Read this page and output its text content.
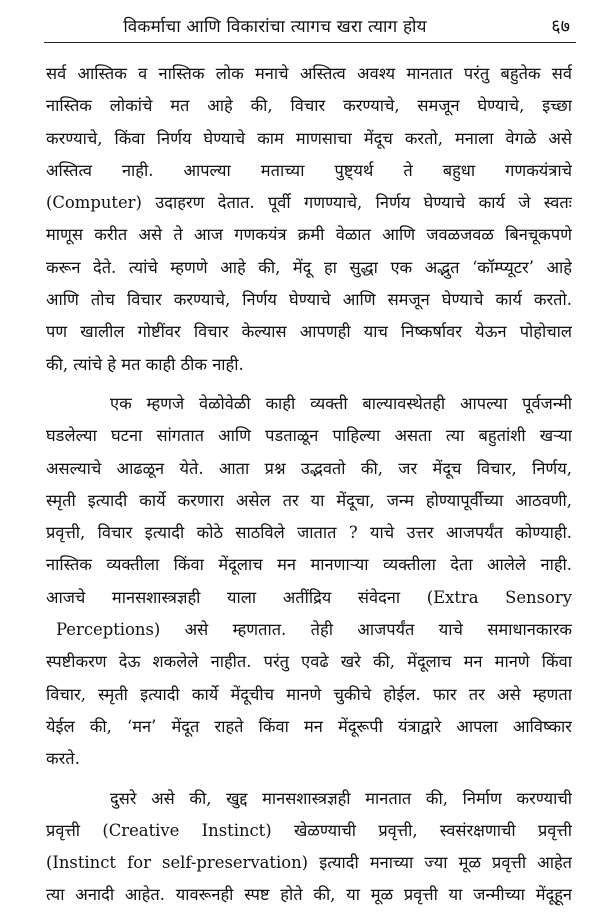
विकर्माचा आणि विकारांचा त्यागच खरा त्याग होय	६७
सर्व आस्तिक व नास्तिक लोक मनाचे अस्तित्व अवश्य मानतात परंतु बहुतेक सर्व
नास्तिक लोकांचे मत आहे की, विचार करण्याचे, समजून घेण्याचे, इच्छा
करण्याचे, किंवा निर्णय घेण्याचे काम माणसाचा मेंदूच करतो, मनाला वेगळे असे
अस्तित्व नाही. आपल्या मताच्या पुष्ट्यर्थ ते बहुधा गणकयंत्राचे
(Computer) उदाहरण देतात. पूर्वी गणण्याचे, निर्णय घेण्याचे कार्य जे स्वतः
माणूस करीत असे ते आज गणकयंत्र क्रमी वेळात आणि जवळजवळ बिनचूकपणे
करून देते. त्यांचे म्हणणे आहे की, मेंदू हा सुद्धा एक अद्भुत ‘कॉम्प्यूटर’ आहे
आणि तोच विचार करण्याचे, निर्णय घेण्याचे आणि समजून घेण्याचे कार्य करतो.
पण खालील गोष्टींवर विचार केल्यास आपणही याच निष्कर्षावर येऊन पोहोचाल
की, त्यांचे हे मत काही ठीक नाही.
एक म्हणजे वेळोवेळी काही व्यक्ती बाल्यावस्थेतही आपल्या पूर्वजन्मी
घडलेल्या घटना सांगतात आणि पडताळून पाहिल्या असता त्या बहुतांशी खऱ्या
असल्याचे आढळून येते. आता प्रश्न उद्भवतो की, जर मेंदूच विचार, निर्णय,
स्मृती इत्यादी कार्ये करणारा असेल तर या मेंदूचा, जन्म होण्यापूर्वीच्या आठवणी,
प्रवृत्ती, विचार इत्यादी कोठे साठविले जातात ? याचे उत्तर आजपर्यंत कोण्याही.
नास्तिक व्यक्तीला किंवा मेंदूलाच मन मानणाऱ्या व्यक्तीला देता आलेले नाही.
आजचे मानसशास्त्रज्ञही याला अतींद्रिय संवेदना (Extra Sensory
Perceptions) असे म्हणतात. तेही आजपर्यंत याचे समाधानकारक
स्पष्टीकरण देऊ शकलेले नाहीत. परंतु एवढे खरे की, मेंदूलाच मन मानणे किंवा
विचार, स्मृती इत्यादी कार्ये मेंदूचीच मानणे चुकीचे होईल. फार तर असे म्हणता
येईल की, ‘मन’ मेंदूत राहते किंवा मन मेंदूरूपी यंत्राद्वारे आपला आविष्कार
करते.
दुसरे असे की, खुद्द मानसशास्त्रज्ञही मानतात की, निर्माण करण्याची
प्रवृत्ती (Creative Instinct) खेळण्याची प्रवृत्ती, स्वसंरक्षणाची प्रवृत्ती
(Instinct for self-preservation) इत्यादी मनाच्या ज्या मूळ प्रवृत्ती आहेत
त्या अनादी आहेत. यावरूनही स्पष्ट होते की, या मूळ प्रवृत्ती या जन्मीच्या मेंदूहून
